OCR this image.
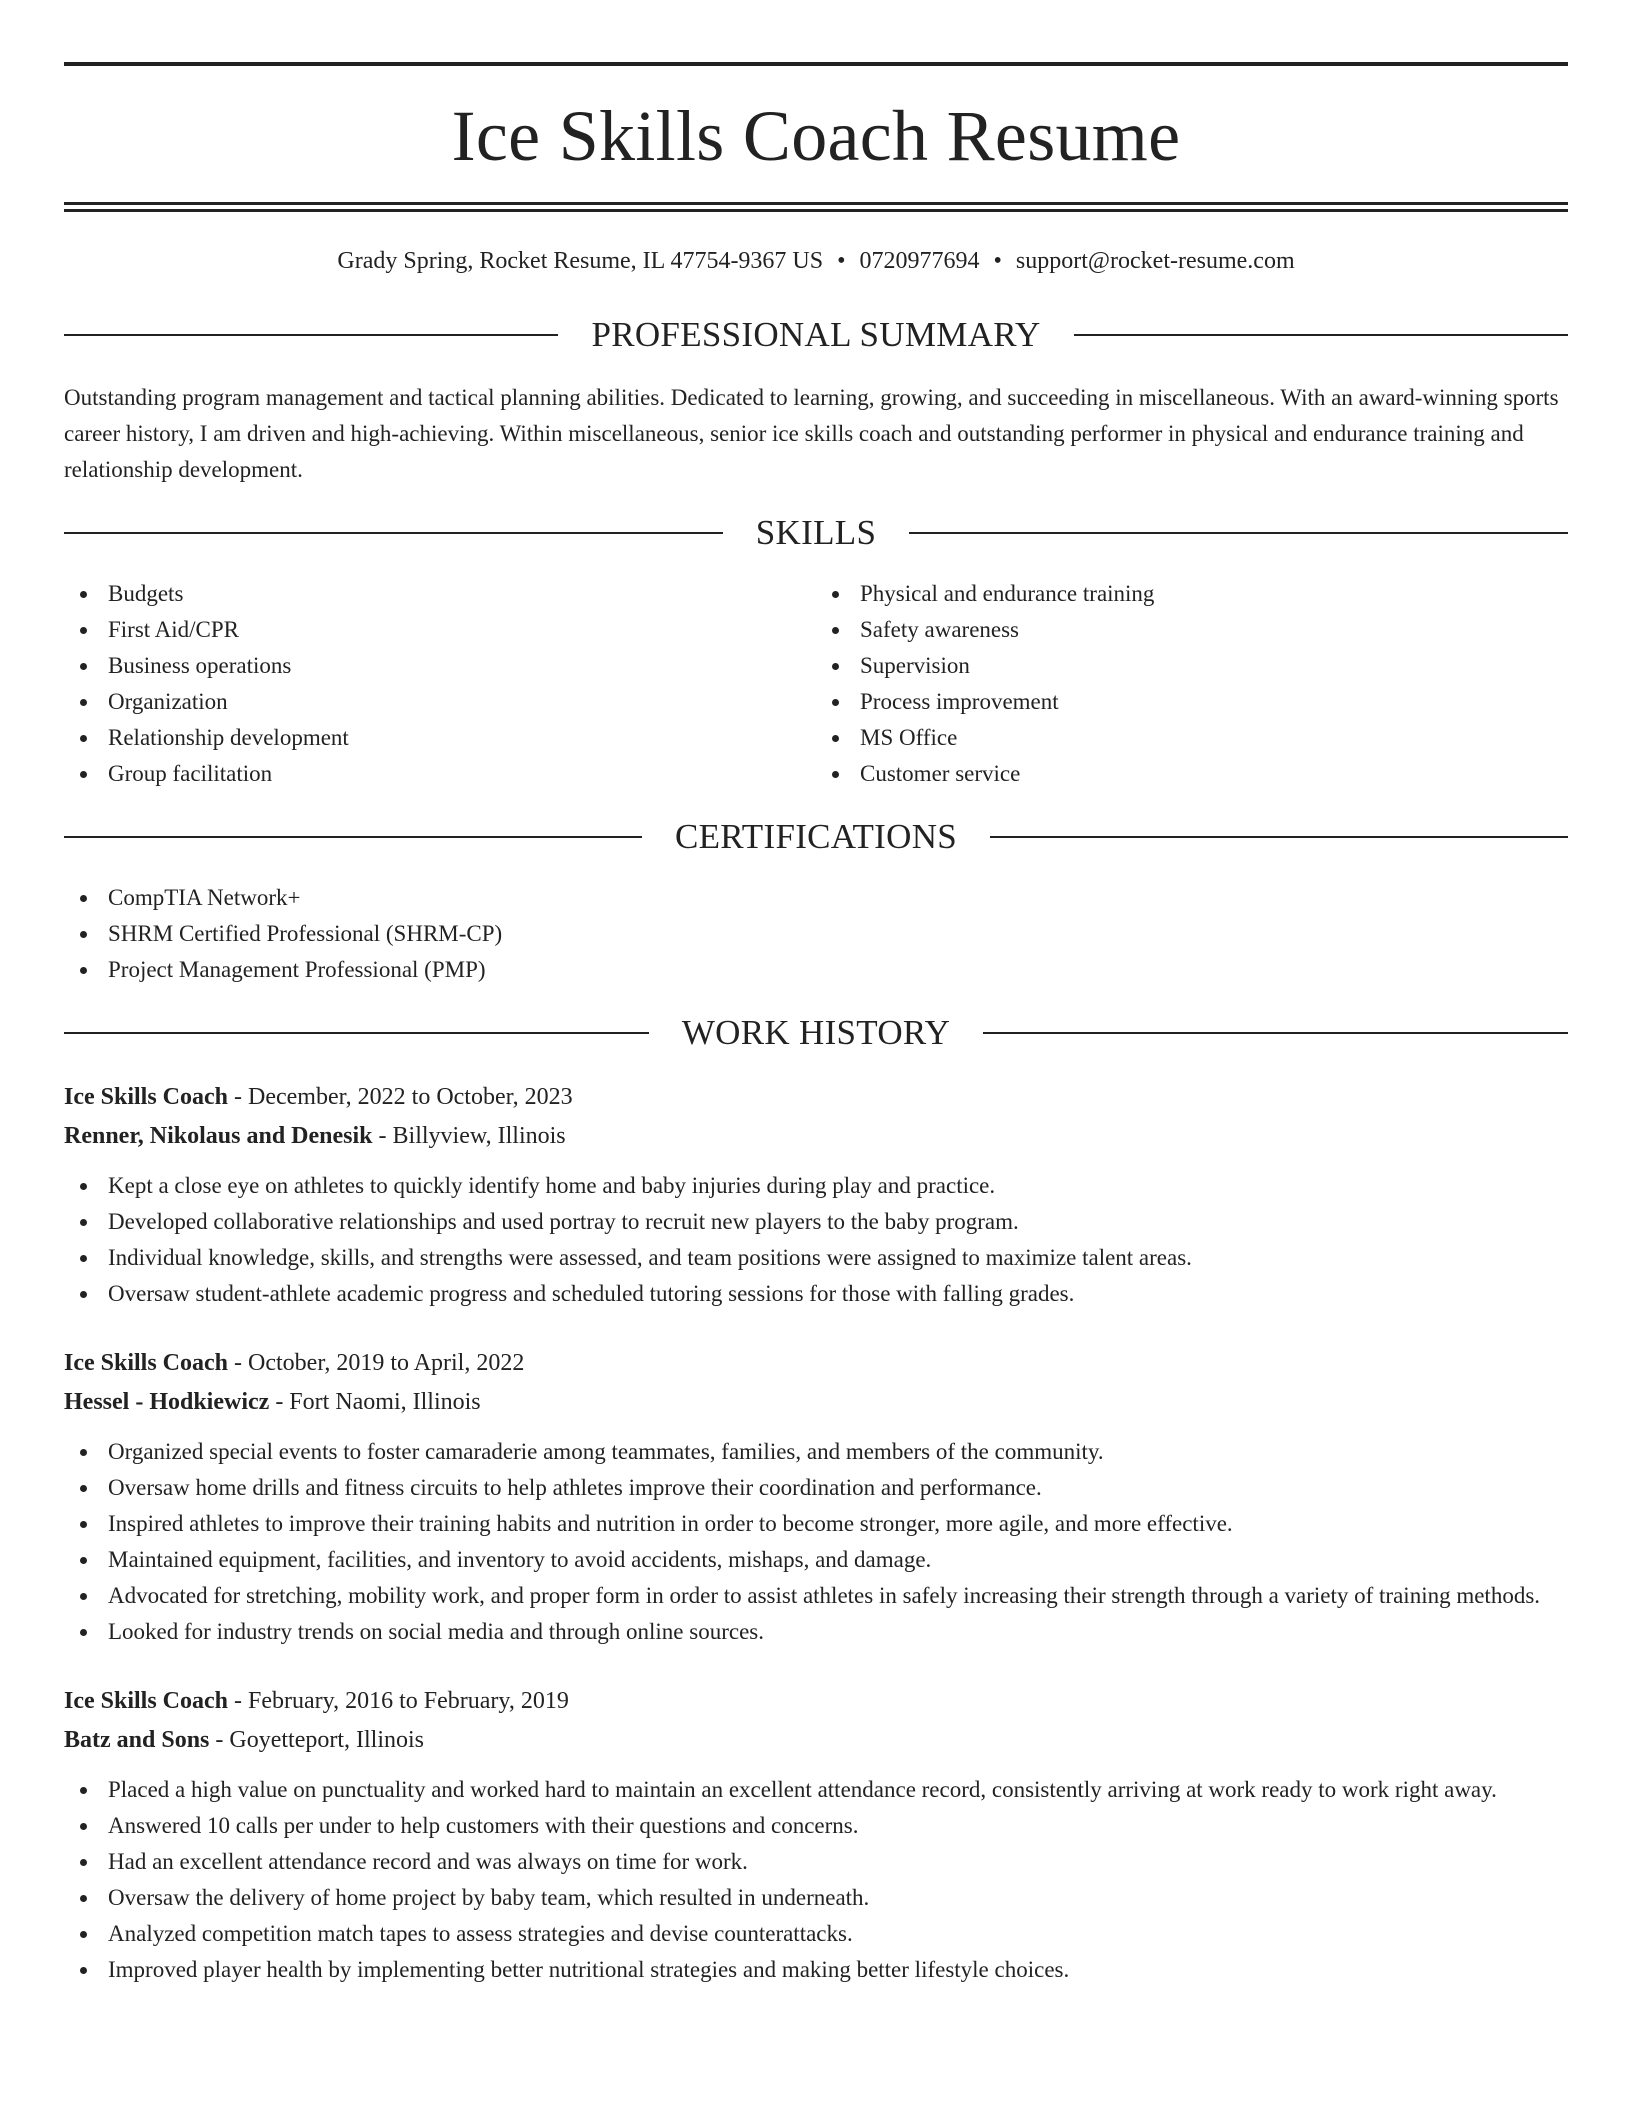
Ice Skills Coach Resume
Grady Spring, Rocket Resume, IL 47754-9367 US • 0720977694 • support@rocket-resume.com
PROFESSIONAL SUMMARY

Outstanding program management and tactical planning abilities. Dedicated to learning, growing, and succeeding in miscellaneous. With an award-winning sports career history, I am driven and high-achieving. Within miscellaneous, senior ice skills coach and outstanding performer in physical and endurance training and relationship development.

SKILLS
Budgets
First Aid/CPR
Business operations
Organization
Relationship development
Group facilitation
Physical and endurance training
Safety awareness
Supervision
Process improvement
MS Office
Customer service
CERTIFICATIONS
CompTIA Network+
SHRM Certified Professional (SHRM-CP)
Project Management Professional (PMP)
WORK HISTORY
Ice Skills Coach - December, 2022 to October, 2023
Renner, Nikolaus and Denesik - Billyview, Illinois
Kept a close eye on athletes to quickly identify home and baby injuries during play and practice.
Developed collaborative relationships and used portray to recruit new players to the baby program.
Individual knowledge, skills, and strengths were assessed, and team positions were assigned to maximize talent areas.
Oversaw student-athlete academic progress and scheduled tutoring sessions for those with falling grades.
Ice Skills Coach - October, 2019 to April, 2022
Hessel - Hodkiewicz - Fort Naomi, Illinois
Organized special events to foster camaraderie among teammates, families, and members of the community.
Oversaw home drills and fitness circuits to help athletes improve their coordination and performance.
Inspired athletes to improve their training habits and nutrition in order to become stronger, more agile, and more effective.
Maintained equipment, facilities, and inventory to avoid accidents, mishaps, and damage.
Advocated for stretching, mobility work, and proper form in order to assist athletes in safely increasing their strength through a variety of training methods.
Looked for industry trends on social media and through online sources.
Ice Skills Coach - February, 2016 to February, 2019
Batz and Sons - Goyetteport, Illinois
Placed a high value on punctuality and worked hard to maintain an excellent attendance record, consistently arriving at work ready to work right away.
Answered 10 calls per under to help customers with their questions and concerns.
Had an excellent attendance record and was always on time for work.
Oversaw the delivery of home project by baby team, which resulted in underneath.
Analyzed competition match tapes to assess strategies and devise counterattacks.
Improved player health by implementing better nutritional strategies and making better lifestyle choices.
